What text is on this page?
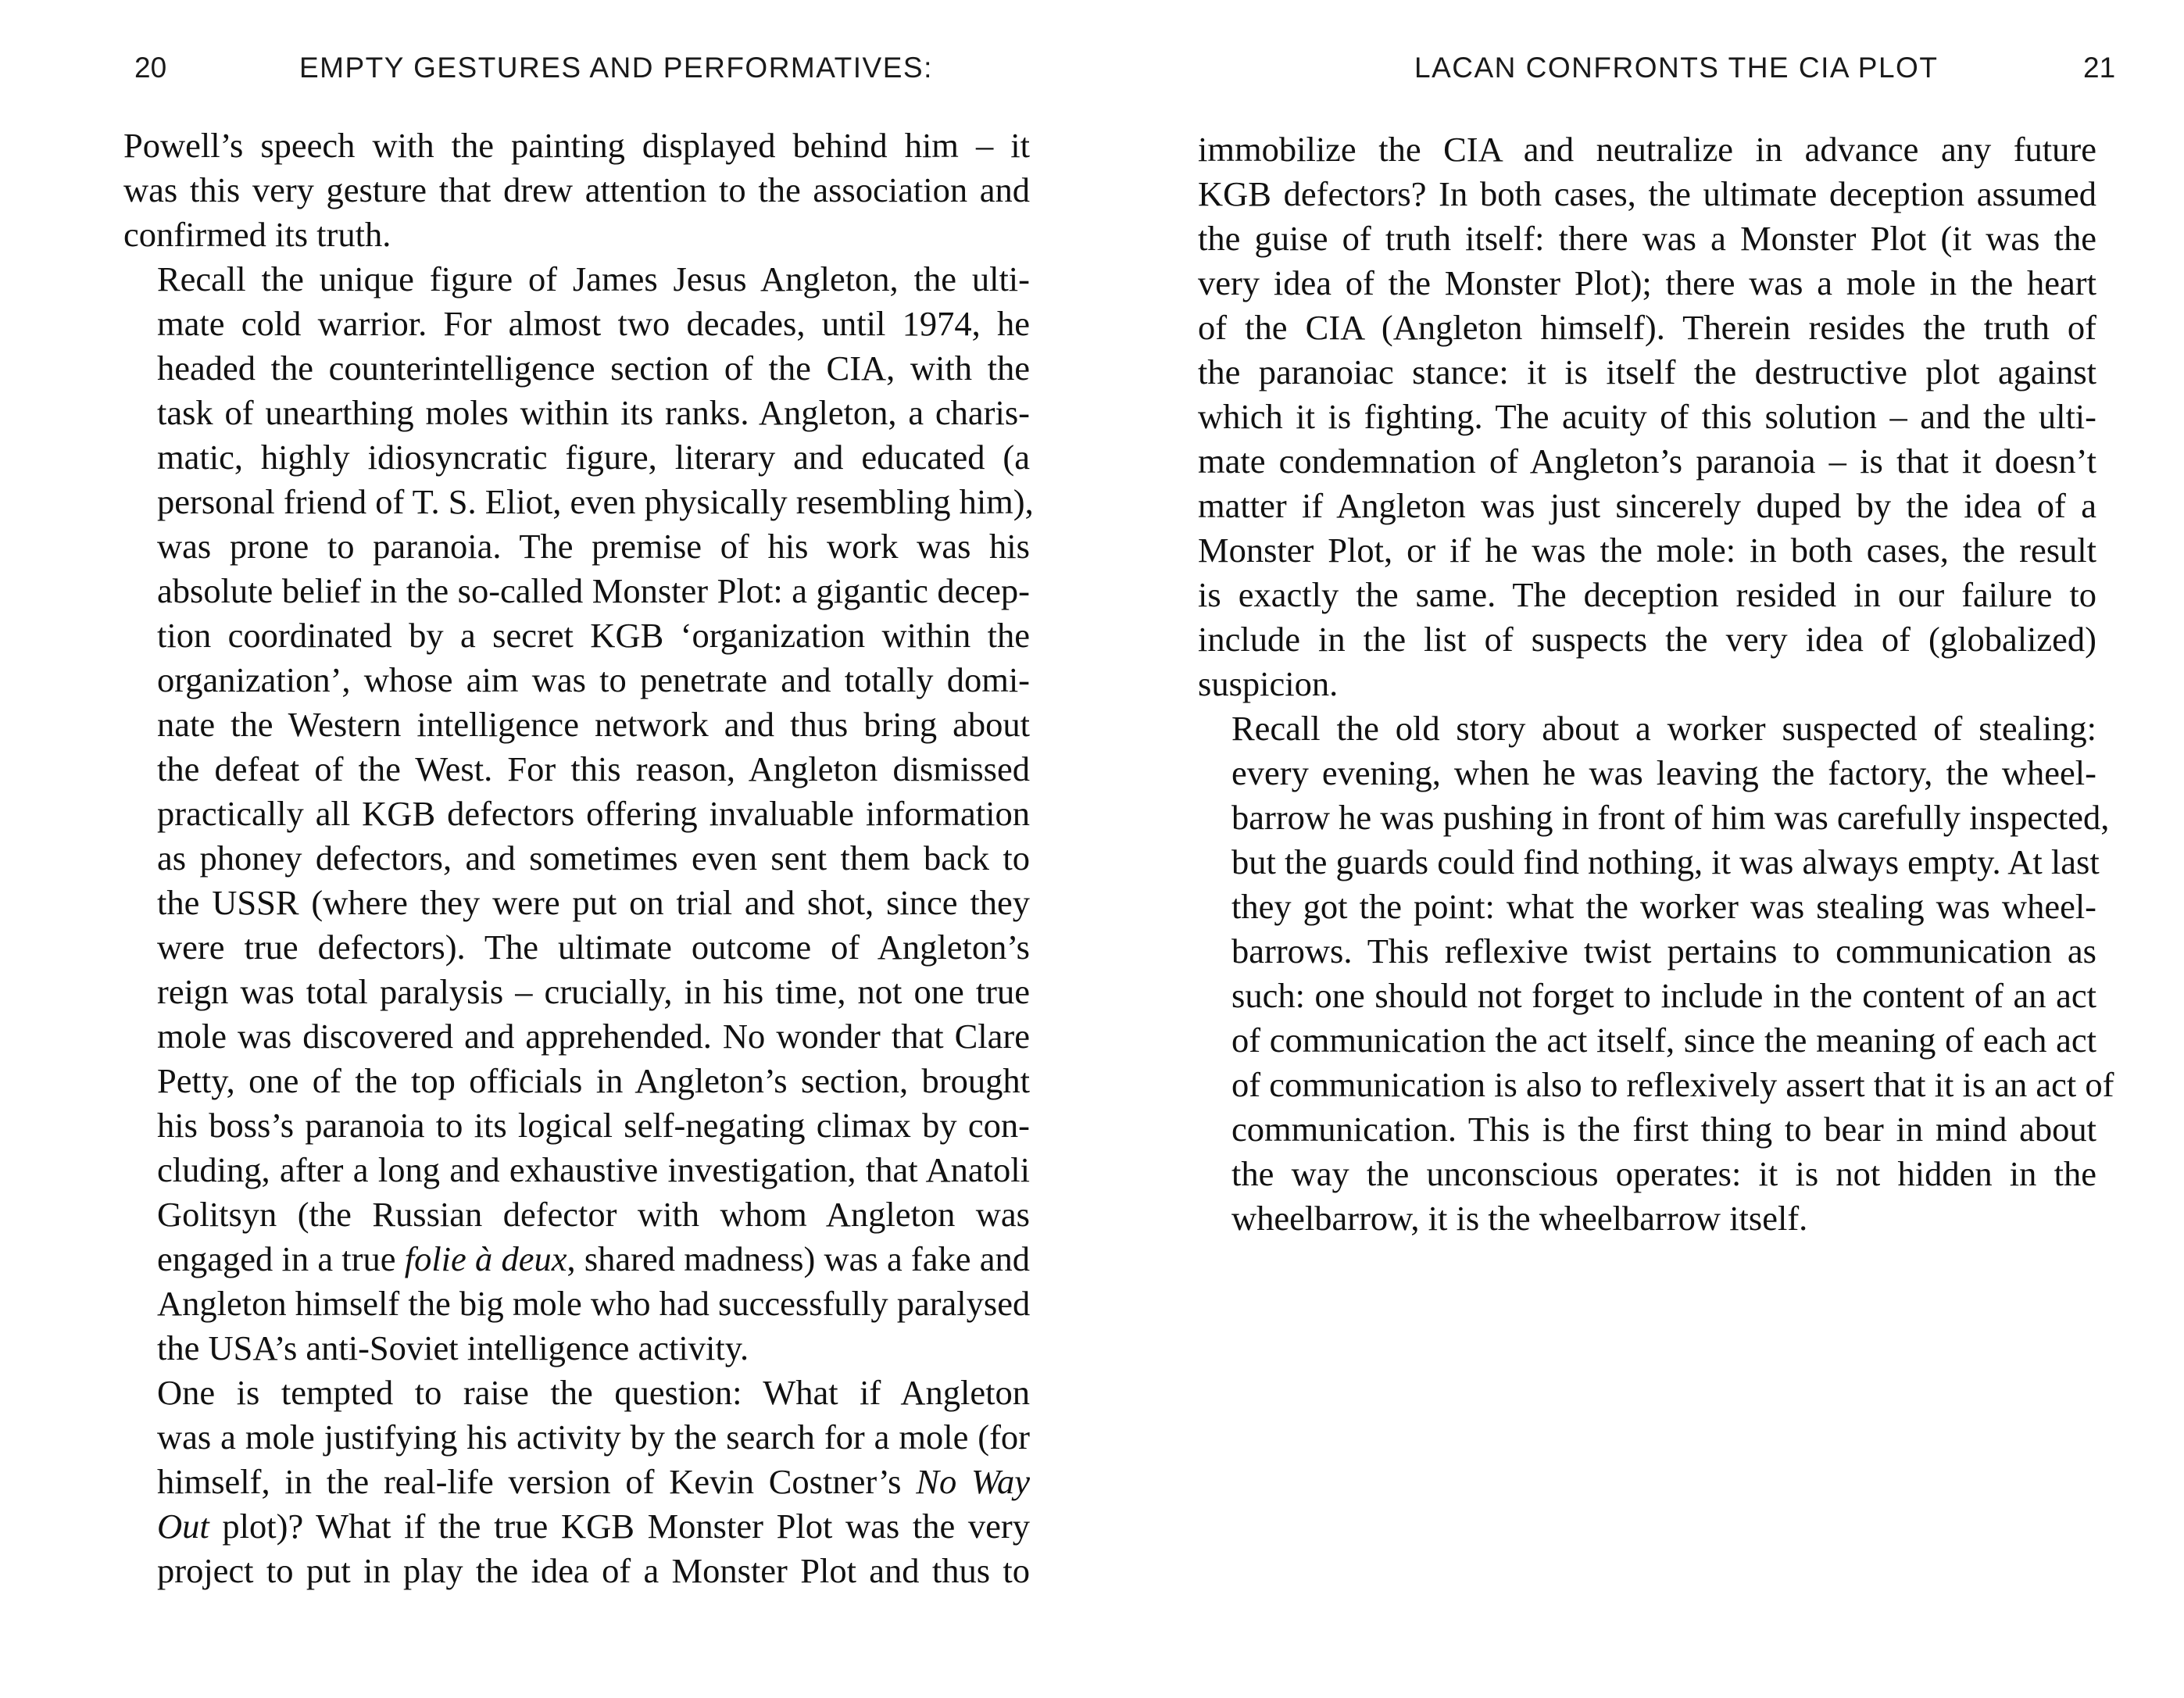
20	EMPTY GESTURES AND PERFORMATIVES:

Powell’s speech with the painting displayed behind him – it
was this very gesture that drew attention to the association and
confirmed its truth.

Recall the unique figure of James Jesus Angleton, the ulti-
mate cold warrior. For almost two decades, until 1974, he
headed the counterintelligence section of the CIA, with the
task of unearthing moles within its ranks. Angleton, a charis-
matic, highly idiosyncratic figure, literary and educated (a
personal friend of T. S. Eliot, even physically resembling him),
was prone to paranoia. The premise of his work was his
absolute belief in the so-called Monster Plot: a gigantic decep-
tion coordinated by a secret KGB ‘organization within the
organization’, whose aim was to penetrate and totally domi-
nate the Western intelligence network and thus bring about
the defeat of the West. For this reason, Angleton dismissed
practically all KGB defectors offering invaluable information
as phoney defectors, and sometimes even sent them back to
the USSR (where they were put on trial and shot, since they
were true defectors). The ultimate outcome of Angleton’s
reign was total paralysis – crucially, in his time, not one true
mole was discovered and apprehended. No wonder that Clare
Petty, one of the top officials in Angleton’s section, brought
his boss’s paranoia to its logical self-negating climax by con-
cluding, after a long and exhaustive investigation, that Anatoli
Golitsyn (the Russian defector with whom Angleton was
engaged in a true folie à deux, shared madness) was a fake and
Angleton himself the big mole who had successfully paralysed
the USA’s anti-Soviet intelligence activity.

One is tempted to raise the question: What if Angleton
was a mole justifying his activity by the search for a mole (for
himself, in the real-life version of Kevin Costner’s No Way
Out plot)? What if the true KGB Monster Plot was the very
project to put in play the idea of a Monster Plot and thus to

LACAN CONFRONTS THE CIA PLOT	21

immobilize the CIA and neutralize in advance any future
KGB defectors? In both cases, the ultimate deception assumed
the guise of truth itself: there was a Monster Plot (it was the
very idea of the Monster Plot); there was a mole in the heart
of the CIA (Angleton himself). Therein resides the truth of
the paranoiac stance: it is itself the destructive plot against
which it is fighting. The acuity of this solution – and the ulti-
mate condemnation of Angleton’s paranoia – is that it doesn’t
matter if Angleton was just sincerely duped by the idea of a
Monster Plot, or if he was the mole: in both cases, the result
is exactly the same. The deception resided in our failure to
include in the list of suspects the very idea of (globalized)
suspicion.

Recall the old story about a worker suspected of stealing:
every evening, when he was leaving the factory, the wheel-
barrow he was pushing in front of him was carefully inspected,
but the guards could find nothing, it was always empty. At last
they got the point: what the worker was stealing was wheel-
barrows. This reflexive twist pertains to communication as
such: one should not forget to include in the content of an act
of communication the act itself, since the meaning of each act
of communication is also to reflexively assert that it is an act of
communication. This is the first thing to bear in mind about
the way the unconscious operates: it is not hidden in the
wheelbarrow, it is the wheelbarrow itself.
